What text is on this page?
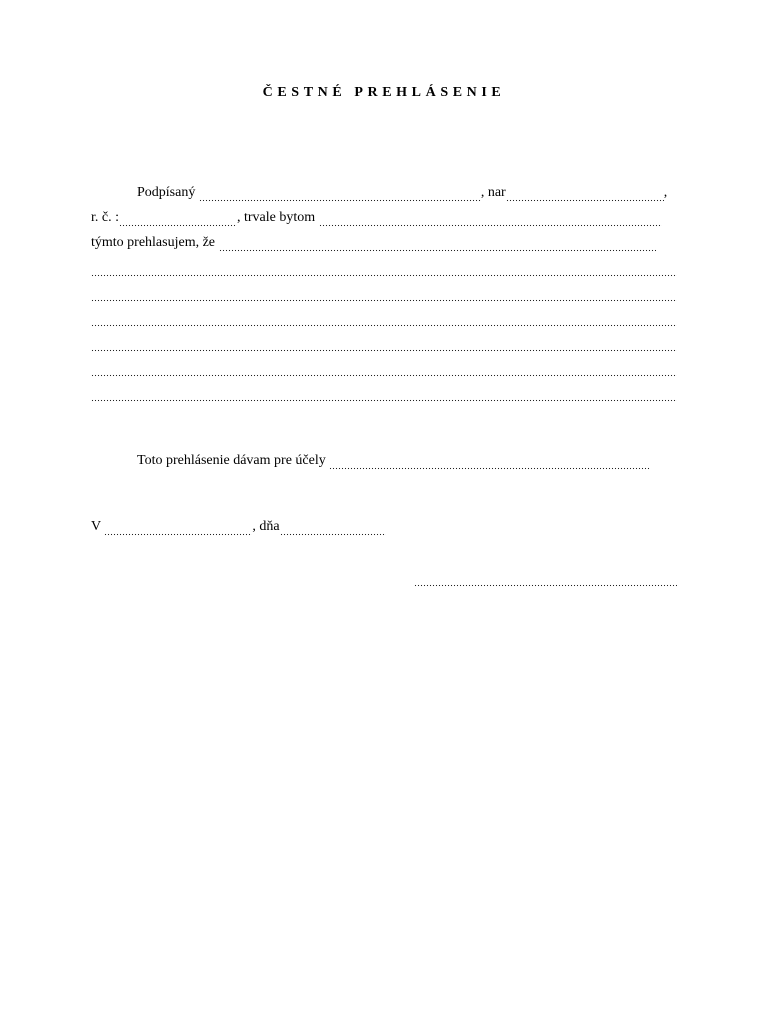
ČESTNÉ PREHLÁSENIE
Podpísaný	, nar	,
r. č. :	, trvale bytom
týmto prehlasujem, že
Toto prehlásenie dávam pre účely
V	, dňa
